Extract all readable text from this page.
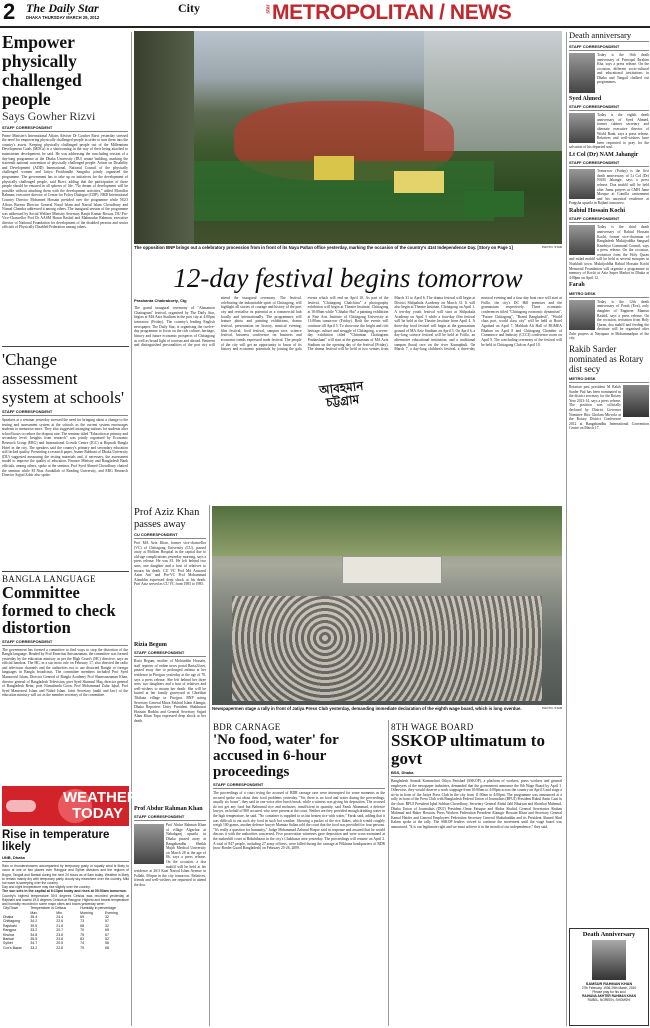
2 The Daily Star
DHAKA THURSDAY MARCH 29, 2012
City	star METROPOLITAN / NEWS
Empower physically challenged people
Says Gowher Rizvi
STAFF CORRESPONDENT
Prime Minister's International Affairs Adviser Dr Gowher Rizvi yesterday stressed the need for empowering physically challenged people in order to turn them into the country's assets. Keeping physically challenged people out of the Millennium Development Goals (MDGs) is a shortcoming in the way of their being attached to mainstream development, he said. He was addressing the concluding session of a day-long programme at the Dhaka University (DU) senate building, marking the sixteenth national convention of physically challenged people. Action on Disability and Development (ADD) International, National Council of the physically challenged women and Jatiya Protibondhi Sangstha jointly organised the programme. The government has to take up on initiatives for the development of physically challenged people, said Rizvi, adding that the participation of these people should be ensured in all spheres of life. "No dream of development will be possible without attaching them with the development activities," added Mozaffar Rahman, executive director of Centre for Policy Dialogue (CDP). NHD International Country Director Mohamed Hossain presided over the programme while NGO Affairs Bureau Director General Nurul Islam and Nazrul Islam Chowdhury and Nirmal Chandra addressed it among others. The inaugural session of the programme was addressed by Social Welfare Ministry Secretary Ranjit Kumar Biswas, DU Pro-Vice-Chancellor Prof Dr AASM Harun Rashid and Mahmudur Rahman, executive director of National Foundation for development of the disabled persons and senior officials of Physically Disabled Federation among others.
'Change assessment system at schools'
STAFF CORRESPONDENT
Speakers at a seminar yesterday stressed the need for bringing about a change to the testing and assessment system at the schools as the current system encourages students to memorise more. They also suggested arranging tuitions for students after school hours to reduce the dropout rate. The seminar titled "Education at primary and secondary level: Insights from research" was jointly organised by Economic Research Group (ERG) and International Growth Centre (IGC) at Bopsodi Bangla Hotel in the city. The speakers said the country's primary and secondary education still lacked quality. Presenting a research paper, Asmer Rabbani of Dhaka University (DU) suggested measuring the testing materials and, if necessary, the assessment model to improve the quality of education. Finance Ministry and Bangladesh Bank officials, among others, spoke at the seminar. Prof Syed Ahmed Chowdhury chaired the seminar while M Niaz Asadullah of Reading University, and ERG Research Director Sajjad Zohir also spoke.
BANGLA LANGUAGE
Committee formed to check distortion
STAFF CORRESPONDENT
The government has formed a committee to find ways to stop the distortion of the Bangla language. Headed by Prof Emeritus Anisuzzaman, the committee was formed yesterday by the education ministry as per the High Court's (HC) directive, says an official handout. The HC, in a suo moto rule on February 17, also directed the radio and television channels and the authorities not to use distorted Bangla or foreign languages in Bangla broadcasts. The committee members included Prof Syed Manzoorul Islam, Director General of Bangla Academy Prof Shamsuzzaman Khan, director general of Bangladesh Television, poet Syed Shamsul Haq, director general of Bangladesh Betar, poet Nirmalendu Goon, Prof Mohammad Zafar Iqbal, Prof Syed Manzoorul Islam and Nahid Islam. Joint Secretary (audit and law) of the education ministry will act as the member secretary of the committee.
WEATHER TODAY
Rise in temperature likely
UNB, Dhaka
Rain or thundershowers accompanied by temporary gusty or squally wind is likely to occur at one or two places over Rangpur and Sylhet divisions and the regions of Bogra, Tangail and Barisal during the next 24 hours as of 6am today. Weather is likely to remain mainly dry with temporary partly cloudy sky elsewhere over the country. Mild hot wave is sweeping over the country.
Day and night temperature may rise slightly over the country.
The sun sets in the capital at 6:13pm today and rises at 05:53am tomorrow.
Country's highest temperature 39.5 degrees Celsius was recorded yesterday at Rajshahi and lowest 19.5 degrees Celsius at Rangpur. Highest and lowest temperature and humidity recorded in some major cities and towns yesterday were:
City/Town	Temperature in Celsius		Humidity in percentage	
	Max.	Min.	Morning	Evening
Dhaka	35.4	24.4	69	32
Chittagong	34.2	22.6	73	57
Rajshahi	39.5	21.6	68	32
Rangpur	33.2	20.7	70	65
Khulna	34.8	23.6	75	67
Barisal	35.5	23.8	83	52
Sylhet	34.7	20.5	74	56
Cox's Bazar	33.2	22.8	79	68
PHOTO: STAR
The opposition BNP brings out a celebratory procession from in front of its Naya Paltan office yesterday, marking the occasion of the country's 41st Independence Day. [Story on Page 1]
12-day festival begins tomorrow
Prashanta Chakraborty, Ctg
The grand inaugural ceremony of "Ahmamon Chattagram" festival, organised by The Daily Star, begins at MA Aziz Stadium in the port city at 4:00pm tomorrow (Friday). The country's leading English newspaper, The Daily Star, is organising the twelve-day programme to focus on the rich culture, heritage, history and future economic prospects of Chittagong as well as broad light of tourism and abroad. Eminent and distinguished personalities of the port city will attend the inaugural ceremony. The festival, celebrating the indomitable spirit of Chittagong, will highlight all stories of courage and history of the port city and revitalise its potential as a commercial hub locally and internationally. The programmes will feature photo and painting exhibitions, drama festival, presentation on history, musical evening, film festival, food festival, sampan race, science festival, business conference on business and economic trends expressed trade festival. The people of the city will get an opportunity to know of its history and economic potentials by joining the gala events which will end on April 10. As part of the festival, "Chittagong Chalchitra" a photography exhibition will begin at Theatre Institute, Chittagong at 10:00am while "Chhabir Hat" a painting exhibition at Fine Arts Institute of Chittagong University at 11:00am tomorrow (Friday). Both the events will continue till April 5. To showcase the bright and rich heritage, culture and struggle of Chittagong, a seven-day exhibition titled "Chirantan Chattagram Pradarshani" will start at the gymnasium of MA Aziz Stadium on the opening day of the festival (Friday). The drama festival will be held at two venues from March 31 to April 6. The drama festival will begin at District Shilpakala Academy on March 31. It will also begin at Theatre Institute, Chittagong on April 1. A ten-day youth festival will start at Shilpakala Academy on April 3 while a four-day film festival will be held at the Theatre Institute from April 4. A three-day food festival will begin at the gymnasium ground of MA Aziz Stadium on April 3. On April 6, a day-long science festival will be held at Foillo, an alternative educational institution, and a traditional sampan (boat) race on the river Karnaphuli. On March 7, a day-long children's festival, a three-day musical evening and a four day boat race will start at Foillo, the city's DC Hill premises and the gymnasium respectively. Three economic conferences titled "Chittagong economic dynamism", "Future Chittagong", "Brand Bangladesh", "World class port, world class city" will be held at Hotel Agrabad on April 7, Mahbub Ali Hall of BGMEA Bhaban on April 8 and Chittagong Chamber of Commerce and Industry (CCCI) conference room on April 9. The concluding ceremony of the festival will be held at Chittagong Club on April 10.
আবহমান চট্টগ্রাম
Prof Aziz Khan passes away
CU CORRESPONDENT
Prof MA Aziz Khan, former vice-chancellor (VC) of Chittagong University (CU), passed away at Mollom Hospital in the capital due to old-age complications yesterday morning, says a press release. He was 81. He left behind two sons, one daughter and a host of relatives to mourn his death. CU VC Prof Md Anwarul Azim Arif and Pro-VC Prof Mohammad Alauddin expressed deep shock at his death. Prof Aziz served as CU VC from 1983 to 1985.
Rizia Begum
STAFF CORRESPONDENT
Rizia Begum, mother of Mohiuddin Hossain, staff reporter of online news portal Barta24.net, passed away due to prolonged asthma at her residence in Pirojpur yesterday at the age of 70, says a press release. She left behind her three sons, two daughters and a host of relatives and well-wishers to mourn her death. She will be buried at her family graveyard at Ghorbhat Tikikata village in Pirojpur. BNP acting Secretary General Mirza Fakhrul Islam Alamgir, Dhaka Reporters Unity President Shakhawat Hossain Badsha and General Secretary Sajjad Alam Khan Tapu expressed deep shock at her death.
Prof Abdur Rahman Khan
STAFF CORRESPONDENT
Prof Abdur Rahman Khan of village Algachar at Nababganj upazila in Dhaka passed away at Bangabandhu Sheikh Mujib Medical University on March 28 at the age of 86, says a press release. On the occasion, a doa mahfil will be held at his residence at 26/3 Kazi Nazrul Islam Avenue in Pallabi, Mirpur in the city tomorrow. Relatives, friends and well-wishers are requested to attend the doa.
PHOTO: STAR
Newspapermen stage a rally in front of Jatiya Press Club yesterday, demanding immediate declaration of the eighth wage board, which is long overdue.
BDR CARNAGE
'No food, water' for accused in 6-hour proceedings
STAFF CORRESPONDENT
The proceedings of a court trying the accused of BDR carnage case were interrupted for some moments as the accused spoke out about their food problems yesterday. "Sir, there is no food and water during the proceedings, usually six hours", they said in one voice after lunch break, while a witness was giving his deposition. The accused do not get any food but Bahrumal rice and molasses, insufficient in quantity, said Faruk Ahammad, a defence lawyer, on behalf of 800 accused, who were present at the court. Neither are they provided enough drinking water in the high temperature, he said. "No container is supplied to us but beaten rice with water," Faruk said, adding that it was difficult to eat such dry food in such hot weather. Showing a packet of the rice flakes, which would roughly weigh 100 grams, another defence lawyer Mamtaz Sultan told the court that the food was provided for four persons. "It's really a question for humanity," Judge Mohammad Zahurul Hoque said in response and assured that he would discuss it with the authorities concerned. Five prosecution witnesses gave deposition and were cross-examined at the makeshift court at Bakshibazar in the city's Chakbazar area yesterday. The proceedings will resume on April 2. A total of 847 people, including 27 army officers, were killed during the carnage at Pilkhana headquarters of BDR (now Border Guard Bangladesh) on February 25-26, 2009.
8TH WAGE BOARD
SSKOP ultimatum to govt
BSS, Dhaka
Bangladesh Sramik Karmachari Oikya Parishad (SSKOP), a platform of workers, press workers and general employees of the newspaper industries, demanded that the government announce the 8th Wage Board by April 1. Otherwise, they would observe a work stoppage from 10:00am to 4:00pm across the country on April 3 and stage a sit-in in front of the Jatiya Press Club in the city from 11:00am to 4:00pm. The programme was announced at a rally in front of the Press Club with Bangladesh Federal Union of Journalists (BFUJ) President Ruhul Amin Gazi in the chair. BFUJ President Iqbal Sobhan Chowdhury, Secretary General Abdul Jalil Bhuiyan and Shawkat Mahmud, Dhaka Union of Journalists (DUJ) President Omar Faruque and Abdus Shahid, General Secretaries Shaban Mahmud and Baker Hossain, Press Workers Federation President Alamgir Hossain Khan and Secretary General Kamal Haider and General Employees Federation Secretary General Shahabuddin and its President Ahmed Abul Kalam spoke at the rally. The SSKOP leaders vowed to continue the movement until the wage board was announced. "It is our legitimate right and we must achieve it in the month of our independence," they said.
Death anniversary
STAFF CORRESPONDENT
Today is the 16th death anniversary of Principal Ibrahim Kha, says a press release. On the occasion, different socio-cultural and educational institutions in Dhaka and Tangail chalked out programmes.
Syed Ahmed
STAFF CORRESPONDENT
Today is the eighth death anniversary of Syed Ahmed, former cabinet secretary and alternate executive director of World Bank, says a press release. Relatives and well-wishers have been requested to pray for the salvation of his departed soul.
Lt Col (Dr) NAM Jahangir
STAFF CORRESPONDENT
Tomorrow (Friday) is the first death anniversary of Lt Col (Dr) NAM Jahangir, says a press release. Doa mahfil will be held after Jumu prayers at CMH Jame Mosque at Comilla cantonment and his ancestral residence at Pangsha upazila in Rajbari tomorrow.
Rabiul Hossain Kochi
STAFF CORRESPONDENT
Today is the third death anniversary of Rabiul Hossain Kochi, former vice-chairman of Bangladesh Muktijoddha Sangsad Kendriya Command Council, says a press release. On the occasion, recitation from the Holy Quran and milad mahfil will be held at several mosques in Noakhali town. Muktijoddha Rabiul Hossain Kochi Memorial Foundation will organise a programme in memory of Kochi at Aziz Super Market in Dhaka at 4:00pm on April 12.
Farah
METRO DESK
Today is the 12th death anniversary of Farah (Eva), only daughter of Engineer Mamun Rashid, says a press release. On the occasion, recitation from Holy Quran, doa mahfil and feeding the destitute will be organised after Zuhr prayers at Nayapara in Mohammadpur of the city.
Rakib Sarder nominated as Rotary dist secy
METRO DESK
Rotarian past president M Rakib Sarder Pial has been nominated as the district secretary for the Rotary Year 2013-14, says a press release. The position was officially declared by District Governor Nominee Ritu Gholam Mirvola at the Rotary District Conference 2012 at Bangabandhu International Convention Centre on March 17.
Death Anniversary
SAMSUR RAHMAN KHAN
27th February, 1936-29th March, 2010
Please pray for his soul
RAIHANA AKHTER RAHMAN KHAN
RUBEL, NOREEN, SHOMSHI
